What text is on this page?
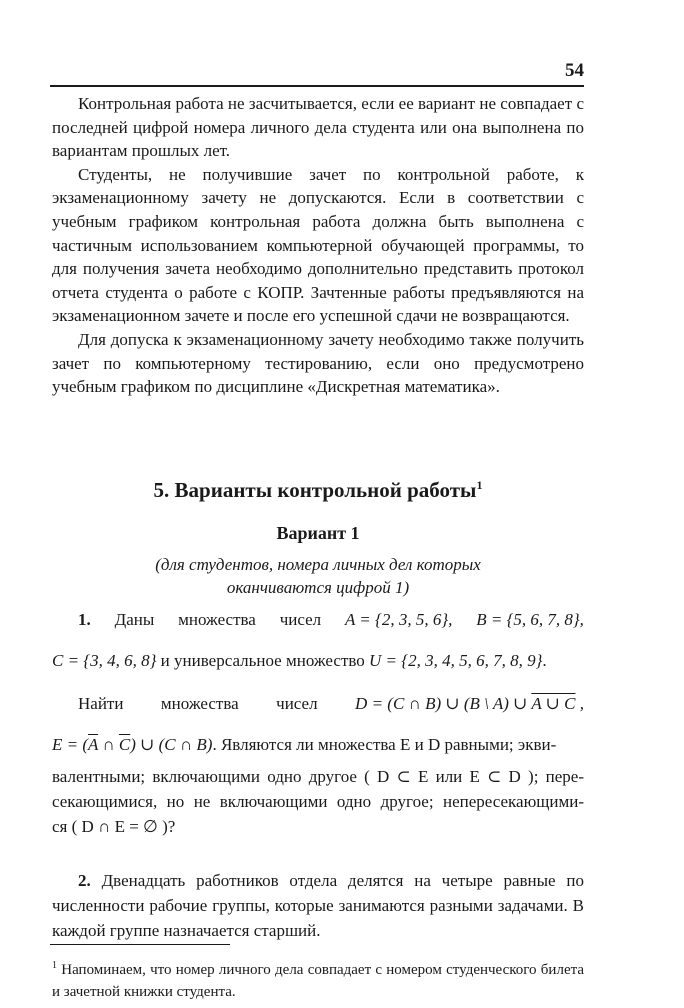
54

Контрольная работа не засчитывается, если ее вариант не совпадает с последней цифрой номера личного дела студента или она выполнена по вариантам прошлых лет.

Студенты, не получившие зачет по контрольной работе, к экзаменационному зачету не допускаются. Если в соответствии с учебным графиком контрольная работа должна быть выполнена с частичным использованием компьютерной обучающей программы, то для получения зачета необходимо дополнительно представить протокол отчета студента о работе с КОПР. Зачтенные работы предъявляются на экзаменационном зачете и после его успешной сдачи не возвращаются.

Для допуска к экзаменационному зачету необходимо также получить зачет по компьютерному тестированию, если оно предусмотрено учебным графиком по дисциплине «Дискретная математика».

5. Варианты контрольной работы$^1$
Вариант 1
(для студентов, номера личных дел которых
оканчиваются цифрой 1)
1. Даны множества чисел A = {2, 3, 5, 6}, B = {5, 6, 7, 8},
C = {3, 4, 6, 8} и универсальное множество U = {2, 3, 4, 5, 6, 7, 8, 9}.
Найти множества чисел D = (C ∩ B) ∪ (B \ A) ∪ A ∪ C ,
$E = (\overline{A}$ ∩ $\overline{C}$) ∪ (C ∩ B). Являются ли множества E и D равными; экви-
валентными; включающими одно другое ( D ⊂ E или E ⊂ D ); пере-
секающимися, но не включающими одно другое; непересекающими-
ся ( D ∩ E = ∅ )?

2. Двенадцать работников отдела делятся на четыре равные по численности рабочие группы, которые занимаются разными задачами. В каждой группе назначается старший.

$^1$ Напоминаем, что номер личного дела совпадает с номером студенческого билета и зачетной книжки студента.
